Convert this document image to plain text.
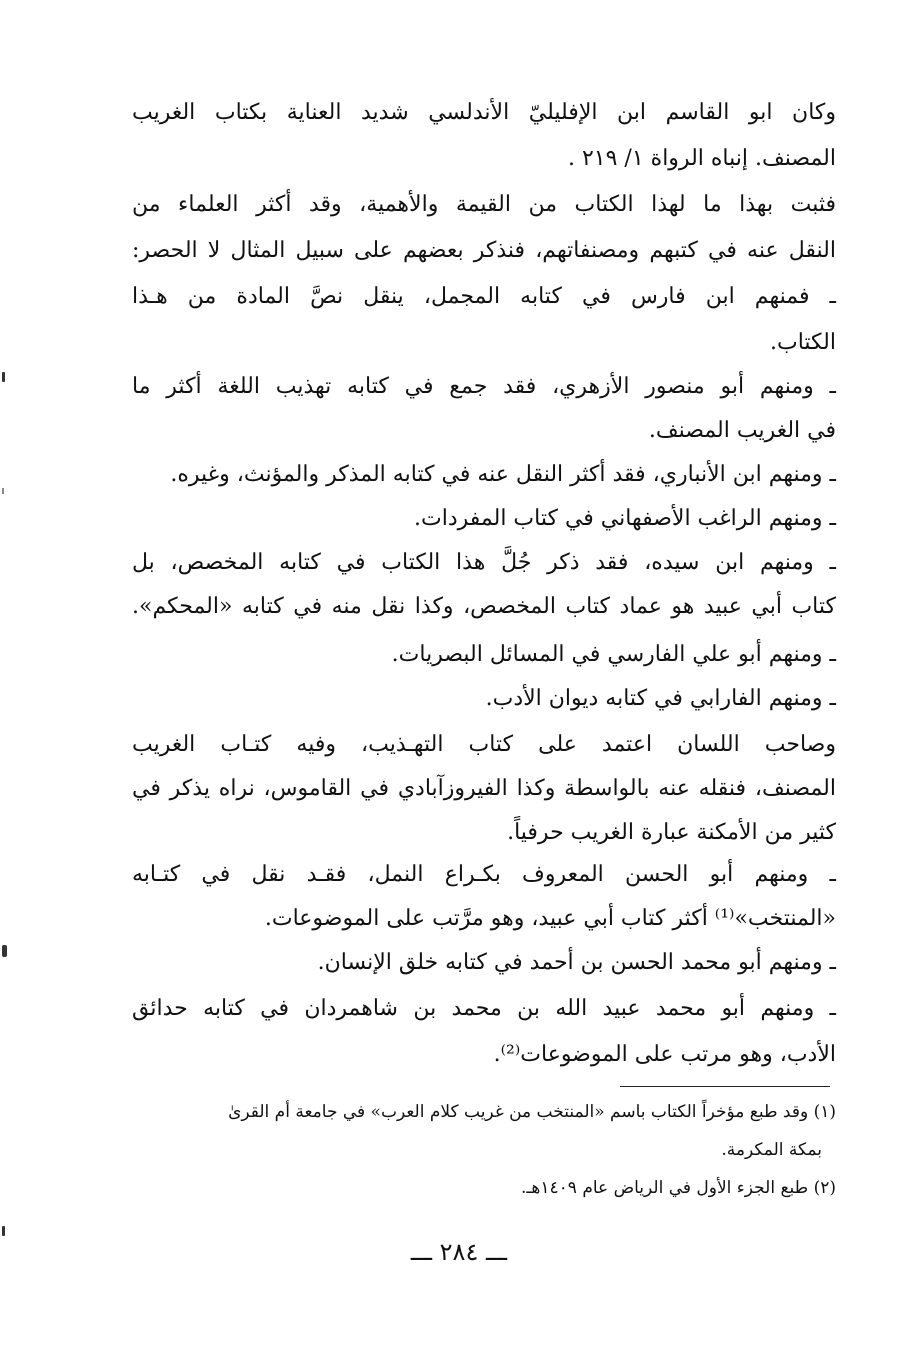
وكان ابو القاسم ابن الإفليليّ الأندلسي شديد العناية بكتاب الغريب
المصنف. إنباه الرواة ١/ ٢١٩ .
فثبت بهذا ما لهذا الكتاب من القيمة والأهمية، وقد أكثر العلماء من
النقل عنه في كتبهم ومصنفاتهم، فنذكر بعضهم على سبيل المثال لا الحصر:
ـ فمنهم ابن فارس في كتابه المجمل، ينقل نصَّ المادة من هـذا
الكتاب.
ـ ومنهم أبو منصور الأزهري، فقد جمع في كتابه تهذيب اللغة أكثر ما
في الغريب المصنف.
ـ ومنهم ابن الأنباري، فقد أكثر النقل عنه في كتابه المذكر والمؤنث، وغيره.
ـ ومنهم الراغب الأصفهاني في كتاب المفردات.
ـ ومنهم ابن سيده، فقد ذكر جُلَّ هذا الكتاب في كتابه المخصص، بل
كتاب أبي عبيد هو عماد كتاب المخصص، وكذا نقل منه في كتابه «المحكم».
ـ ومنهم أبو علي الفارسي في المسائل البصريات.
ـ ومنهم الفارابي في كتابه ديوان الأدب.
وصاحب اللسان اعتمد على كتاب التهـذيب، وفيه كتـاب الغريب
المصنف، فنقله عنه بالواسطة وكذا الفيروزآبادي في القاموس، نراه يذكر في
كثير من الأمكنة عبارة الغريب حرفياً.
ـ ومنهم أبو الحسن المعروف بكـراع النمل، فقـد نقل في كتـابه
«المنتخب»⁽¹⁾ أكثر كتاب أبي عبيد، وهو مرَّتب على الموضوعات.
ـ ومنهم أبو محمد الحسن بن أحمد في كتابه خلق الإنسان.
ـ ومنهم أبو محمد عبيد الله بن محمد بن شاهمردان في كتابه حدائق
الأدب، وهو مرتب على الموضوعات⁽²⁾.
(١) وقد طبع مؤخراً الكتاب باسم «المنتخب من غريب كلام العرب» في جامعة أم القرىٰ
بمكة المكرمة.
(٢) طبع الجزء الأول في الرياض عام ١٤٠٩هـ.
ـــ ٢٨٤ ـــ
